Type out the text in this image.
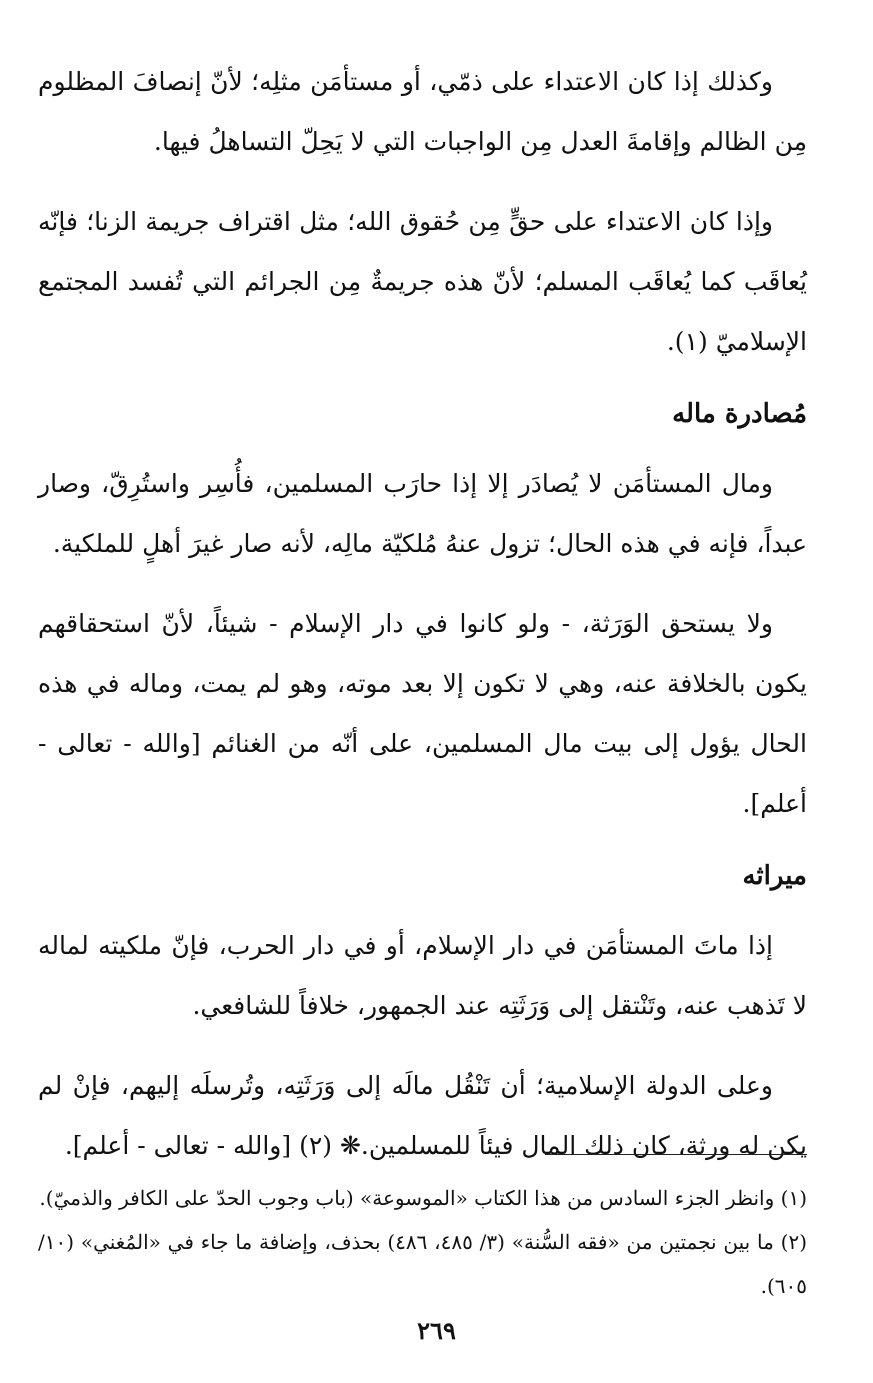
وكذلك إذا كان الاعتداء على ذمّي، أو مستأمَن مثلِه؛ لأنّ إنصافَ المظلوم مِن الظالم وإقامةَ العدل مِن الواجبات التي لا يَحِلّ التساهلُ فيها.

وإذا كان الاعتداء على حقٍّ مِن حُقوق الله؛ مثل اقتراف جريمة الزنا؛ فإنّه يُعاقَب كما يُعاقَب المسلم؛ لأنّ هذه جريمةٌ مِن الجرائم التي تُفسد المجتمع الإسلاميّ (١).

مُصادرة ماله

ومال المستأمَن لا يُصادَر إلا إذا حارَب المسلمين، فأُسِر واستُرِقّ، وصار عبداً، فإنه في هذه الحال؛ تزول عنهُ مُلكيّة مالِه، لأنه صار غيرَ أهلٍ للملكية.

ولا يستحق الوَرَثة، - ولو كانوا في دار الإسلام - شيئاً، لأنّ استحقاقهم يكون بالخلافة عنه، وهي لا تكون إلا بعد موته، وهو لم يمت، وماله في هذه الحال يؤول إلى بيت مال المسلمين، على أنّه من الغنائم [والله - تعالى - أعلم].

ميراثه

إذا ماتَ المستأمَن في دار الإسلام، أو في دار الحرب، فإنّ ملكيته لماله لا تَذهب عنه، وتَنْتقل إلى وَرَثَتِه عند الجمهور، خلافاً للشافعي.

وعلى الدولة الإسلامية؛ أن تَنْقُل مالَه إلى وَرَثَتِه، وتُرسلَه إليهم، فإنْ لم يكن له ورثة، كان ذلك المال فيئاً للمسلمين.❋ (٢) [والله - تعالى - أعلم].

(١) وانظر الجزء السادس من هذا الكتاب «الموسوعة» (باب وجوب الحدّ على الكافر والذميّ).

(٢) ما بين نجمتين من «فقه السُّنة» (٣/ ٤٨٥، ٤٨٦) بحذف، وإضافة ما جاء في «المُغني» (١٠/ ٦٠٥).

٢٦٩
